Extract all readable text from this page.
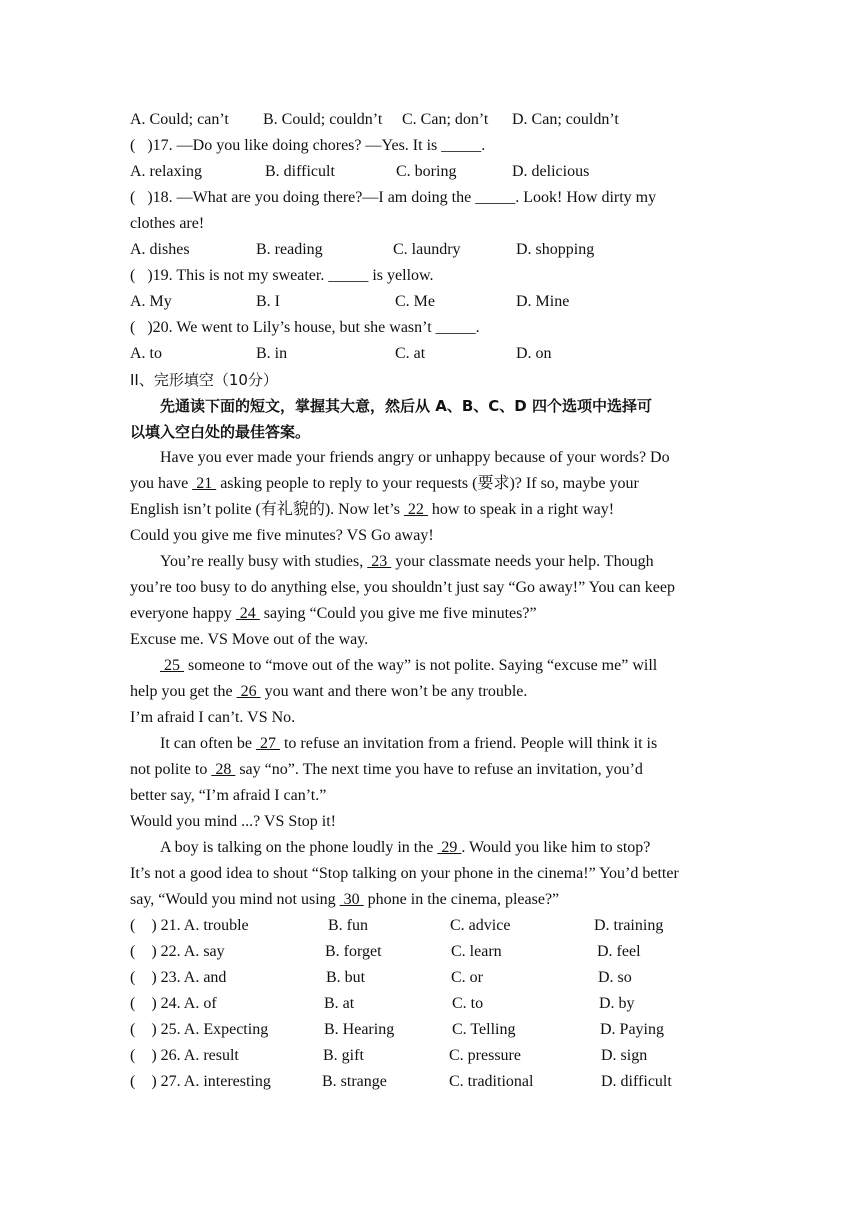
A. Could; can’t B. Could; couldn’t C. Can; don’t D. Can; couldn’t
(   )17. —Do you like doing chores? —Yes. It is _____.
A. relaxing	B. difficult	C. boring	D. delicious
(   )18. —What are you doing there?—I am doing the _____. Look! How dirty my
clothes are!
A. dishes	B. reading	C. laundry	D. shopping
(   )19. This is not my sweater. _____ is yellow.
A. My	B. I	C. Me	D. Mine
(   )20. We went to Lily’s house, but she wasn’t _____.
A. to	B. in	C. at	D. on
II、完形填空（10分）
先通读下面的短文，掌握其大意，然后从 A、B、C、D 四个选项中选择可
以填入空白处的最佳答案。
Have you ever made your friends angry or unhappy because of your words? Do
you have  21  asking people to reply to your requests (要求)? If so, maybe your
English isn’t polite (有礼貌的). Now let’s  22  how to speak in a right way!
Could you give me five minutes? VS Go away!
You’re really busy with studies,  23  your classmate needs your help. Though
you’re too busy to do anything else, you shouldn’t just say “Go away!” You can keep
everyone happy  24  saying “Could you give me five minutes?”
Excuse me. VS Move out of the way.
25  someone to “move out of the way” is not polite. Saying “excuse me” will
help you get the  26  you want and there won’t be any trouble.
I’m afraid I can’t. VS No.
It can often be  27  to refuse an invitation from a friend. People will think it is
not polite to  28  say “no”. The next time you have to refuse an invitation, you’d
better say, “I’m afraid I can’t.”
Would you mind ...? VS Stop it!
A boy is talking on the phone loudly in the  29 . Would you like him to stop?
It’s not a good idea to shout “Stop talking on your phone in the cinema!” You’d better
say, “Would you mind not using  30  phone in the cinema, please?”
(    ) 21. A. trouble	B. fun	C. advice	D. training
(    ) 22. A. say	B. forget	C. learn	D. feel
(    ) 23. A. and	B. but	C. or	D. so
(    ) 24. A. of	B. at	C. to	D. by
(    ) 25. A. Expecting	B. Hearing	C. Telling	D. Paying
(    ) 26. A. result	B. gift	C. pressure	D. sign
(    ) 27. A. interesting	B. strange	C. traditional	D. difficult
